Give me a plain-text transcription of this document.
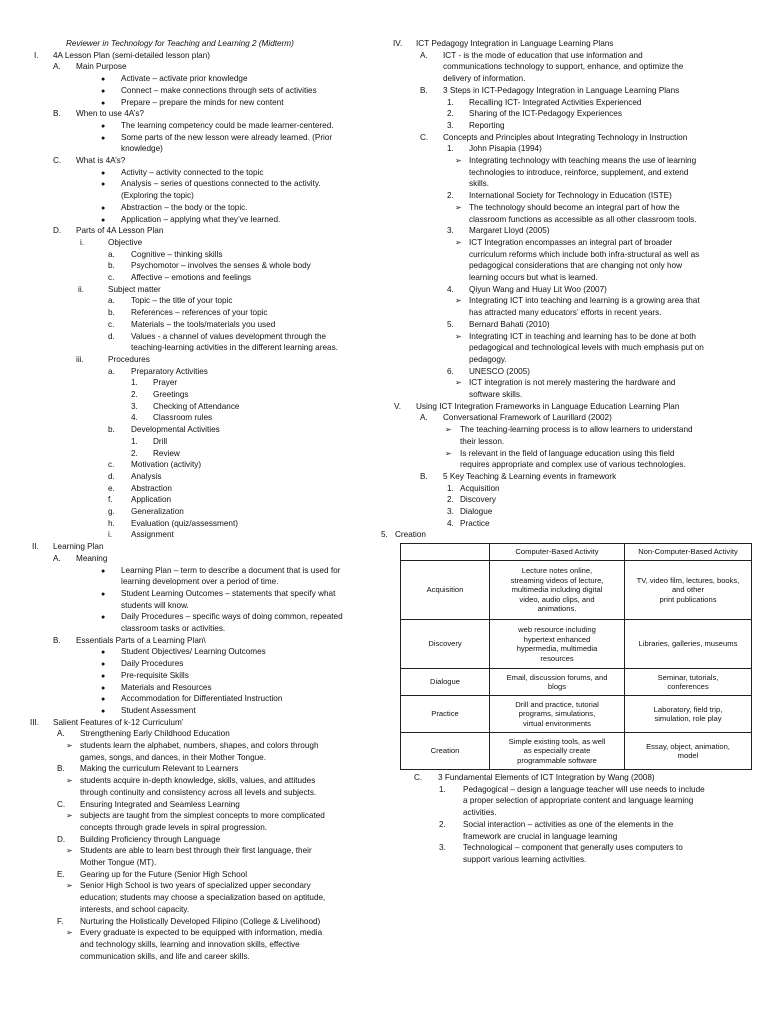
Reviewer in Technology for Teaching and Learning 2 (Midterm)
I. 4A Lesson Plan (semi-detailed lesson plan)
A. Main Purpose
● Activate – activate prior knowledge
● Connect – make connections through sets of activities
● Prepare – prepare the minds for new content
B. When to use 4A’s?
● The learning competency could be made learner-centered.
● Some parts of the new lesson were already learned. (Prior
knowledge)
C. What is 4A’s?
● Activity – activity connected to the topic
● Analysis – series of questions connected to the activity.
(Exploring the topic)
● Abstraction – the body or the topic.
● Application – applying what they’ve learned.
D. Parts of 4A Lesson Plan
i.	Objective
a. Cognitive – thinking skills
b. Psychomotor – involves the senses & whole body
c. Affective – emotions and feelings
ii.	Subject matter
a. Topic – the title of your topic
b. References – references of your topic
c. Materials – the tools/materials you used
d. Values - a channel of values development through the
teaching-learning activities in the different learning areas.
iii.	Procedures
a. Preparatory Activities
1. Prayer
2. Greetings
3. Checking of Attendance
4. Classroom rules
b. Developmental Activities
1. Drill
2. Review
c. Motivation (activity)
d. Analysis
e. Abstraction
f. Application
g. Generalization
h. Evaluation (quiz/assessment)
i. Assignment
II. Learning Plan
A. Meaning
● Learning Plan – term to describe a document that is used for
learning development over a period of time.
● Student Learning Outcomes – statements that specify what
students will know.
● Daily Procedures – specific ways of doing common, repeated
classroom tasks or activities.
B. Essentials Parts of a Learning Plan\
● Student Objectives/ Learning Outcomes
● Daily Procedures
● Pre-requisite Skills
● Materials and Resources
● Accommodation for Differentiated Instruction
● Student Assessment
III. Salient Features of k-12 Curriculum’
A. Strengthening Early Childhood Education
➢ students learn the alphabet, numbers, shapes, and colors through
games, songs, and dances, in their Mother Tongue.
B. Making the curriculum Relevant to Learners
➢ students acquire in-depth knowledge, skills, values, and attitudes
through continuity and consistency across all levels and subjects.
C. Ensuring Integrated and Seamless Learning
➢ subjects are taught from the simplest concepts to more complicated
concepts through grade levels in spiral progression.
D. Building Proficiency through Language
➢ Students are able to learn best through their first language, their
Mother Tongue (MT).
E. Gearing up for the Future (Senior High School
➢ Senior High School is two years of specialized upper secondary
education; students may choose a specialization based on aptitude,
interests, and school capacity.
F. Nurturing the Holistically Developed Filipino (College & Livelihood)
➢ Every graduate is expected to be equipped with information, media
and technology skills, learning and innovation skills, effective
communication skills, and life and career skills.
IV. ICT Pedagogy Integration in Language Learning Plans
A. ICT - is the mode of education that use information and
communications technology to support, enhance, and optimize the
delivery of information.
B. 3 Steps in ICT-Pedagogy Integration in Language Learning Plans
1. Recalling ICT- Integrated Activities Experienced
2. Sharing of the ICT-Pedagogy Experiences
3. Reporting
C. Concepts and Principles about Integrating Technology in Instruction
1. John Pisapia (1994)
➢ Integrating technology with teaching means the use of learning
technologies to introduce, reinforce, supplement, and extend
skills.
2. International Society for Technology in Education (ISTE)
➢ The technology should become an integral part of how the
classroom functions as accessible as all other classroom tools.
3. Margaret Lloyd (2005)
➢ ICT Integration encompasses an integral part of broader
curriculum reforms which include both infra-structural as well as
pedagogical considerations that are changing not only how
learning occurs but what is learned.
4. Qiyun Wang and Huay Lit Woo (2007)
➢ Integrating ICT into teaching and learning is a growing area that
has attracted many educators’ efforts in recent years.
5. Bernard Bahati (2010)
➢ Integrating ICT in teaching and learning has to be done at both
pedagogical and technological levels with much emphasis put on
pedagogy.
6. UNESCO (2005)
➢ ICT integration is not merely mastering the hardware and
software skills.
V. Using ICT Integration Frameworks in Language Education Learning Plan
A. Conversational Framework of Laurillard (2002)
➢ The teaching-learning process is to allow learners to understand
their lesson.
➢ Is relevant in the field of language education using this field
requires appropriate and complex use of various technologies.
B. 5 Key Teaching & Learning events in framework
1. Acquisition
2. Discovery
3. Dialogue
4. Practice
5. Creation
	Computer-Based Activity	Non-Computer-Based Activity
Acquisition	Lecture notes online,
streaming videos of lecture,
multimedia including digital
video, audio clips, and
animations.	TV, video film, lectures, books,
and other
print publications
Discovery	web resource including
hypertext enhanced
hypermedia, multimedia
resources	Libraries, galleries, museums
Dialogue	Email, discussion forums, and
blogs	Seminar, tutorials,
conferences
Practice	Drill and practice, tutorial
programs, simulations,
virtual environments	Laboratory, field trip,
simulation, role play
Creation	Simple existing tools, as well
as especially create
programmable software	Essay, object, animation,
model
C. 3 Fundamental Elements of ICT Integration by Wang (2008)
1. Pedagogical – design a language teacher will use needs to include
a proper selection of appropriate content and language learning
activities.
2. Social interaction – activities as one of the elements in the
framework are crucial in language learning
3. Technological – component that generally uses computers to
support various learning activities.
